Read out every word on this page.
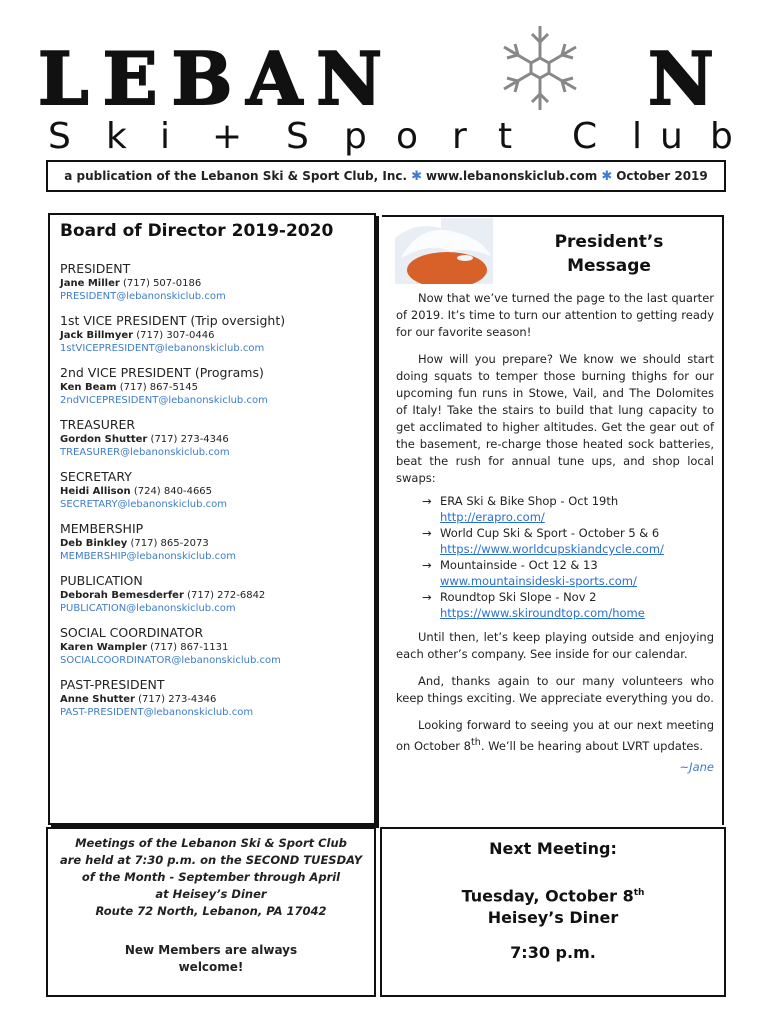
LEBAN	N
S k i + S p o r t C l u b
a publication of the Lebanon Ski & Sport Club, Inc. ✱ www.lebanonskiclub.com ✱ October 2019
Board of Director 2019-2020
PRESIDENT
Jane Miller (717) 507-0186
PRESIDENT@lebanonskiclub.com
1st VICE PRESIDENT (Trip oversight)
Jack Billmyer (717) 307-0446
1stVICEPRESIDENT@lebanonskiclub.com
2nd VICE PRESIDENT (Programs)
Ken Beam (717) 867-5145
2ndVICEPRESIDENT@lebanonskiclub.com
TREASURER
Gordon Shutter (717) 273-4346
TREASURER@lebanonskiclub.com
SECRETARY
Heidi Allison (724) 840-4665
SECRETARY@lebanonskiclub.com
MEMBERSHIP
Deb Binkley (717) 865-2073
MEMBERSHIP@lebanonskiclub.com
PUBLICATION
Deborah Bemesderfer (717) 272-6842
PUBLICATION@lebanonskiclub.com
SOCIAL COORDINATOR
Karen Wampler (717) 867-1131
SOCIALCOORDINATOR@lebanonskiclub.com
PAST-PRESIDENT
Anne Shutter (717) 273-4346
PAST-PRESIDENT@lebanonskiclub.com
President’s
Message

Now that we’ve turned the page to the last quarter of 2019. It’s time to turn our attention to getting ready for our favorite season!

How will you prepare? We know we should start doing squats to temper those burning thighs for our upcoming fun runs in Stowe, Vail, and The Dolomites of Italy! Take the stairs to build that lung capacity to get acclimated to higher altitudes. Get the gear out of the basement, re-charge those heated sock batteries, beat the rush for annual tune ups, and shop local swaps:

→ ERA Ski & Bike Shop - Oct 19th
http://erapro.com/
→ World Cup Ski & Sport - October 5 & 6
https://www.worldcupskiandcycle.com/
→ Mountainside - Oct 12 & 13
www.mountainsideski-sports.com/
→ Roundtop Ski Slope - Nov 2
https://www.skiroundtop.com/home

Until then, let’s keep playing outside and enjoying each other’s company. See inside for our calendar.

And, thanks again to our many volunteers who keep things exciting. We appreciate everything you do.

Looking forward to seeing you at our next meeting on October 8th. We’ll be hearing about LVRT updates.

~Jane
Meetings of the Lebanon Ski & Sport Club
are held at 7:30 p.m. on the SECOND TUESDAY
of the Month - September through April
at Heisey’s Diner
Route 72 North, Lebanon, PA 17042
New Members are always
welcome!
Next Meeting:
Tuesday, October 8th
Heisey’s Diner
7:30 p.m.
